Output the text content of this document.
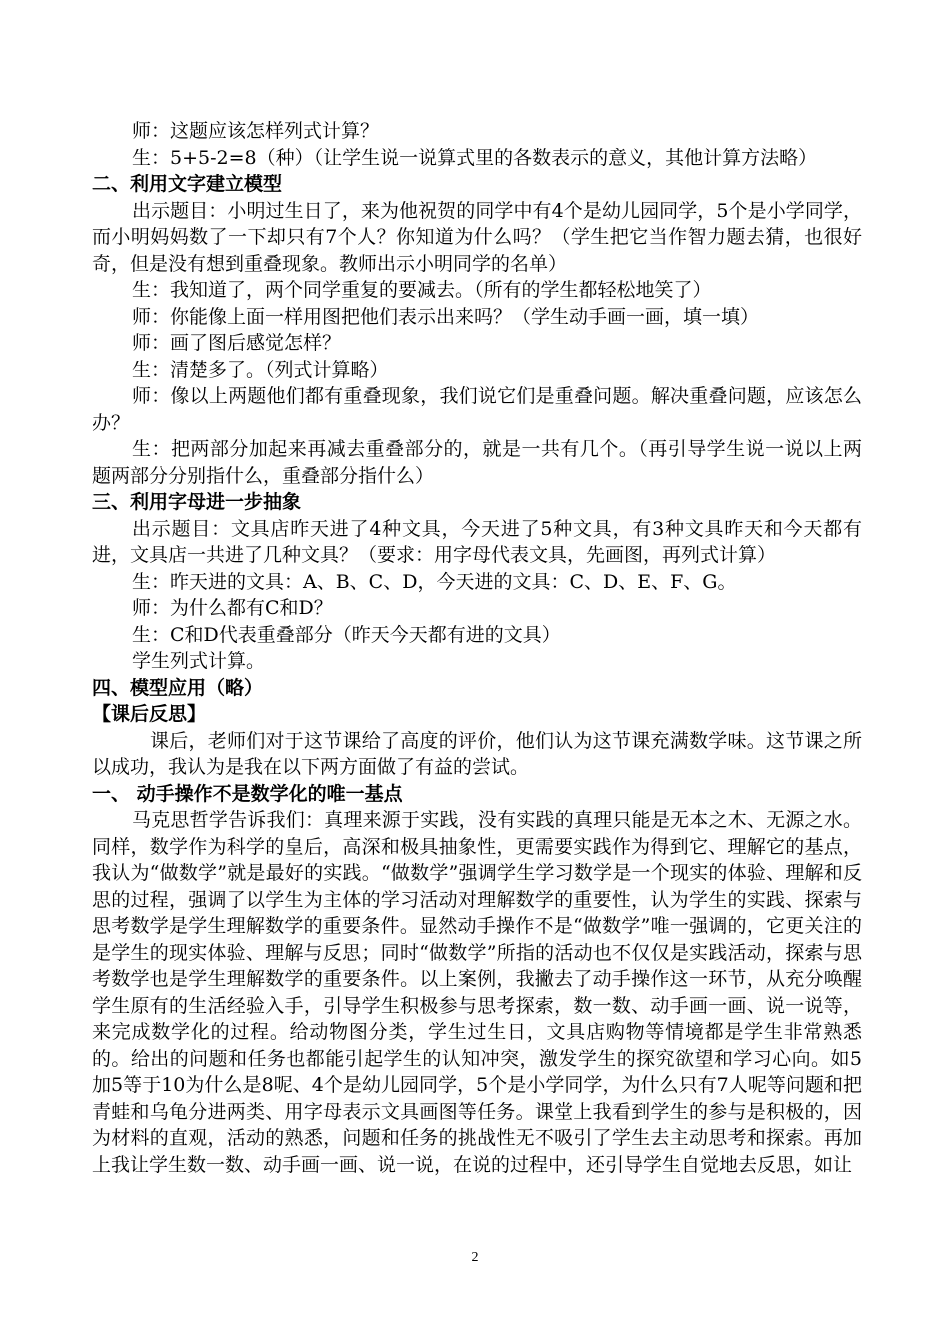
师：这题应该怎样列式计算？

生：5+5-2=8（种）（让学生说一说算式里的各数表示的意义，其他计算方法略）

二、利用文字建立模型

出示题目：小明过生日了，来为他祝贺的同学中有4个是幼儿园同学，5个是小学同学，而小明妈妈数了一下却只有7个人？你知道为什么吗？（学生把它当作智力题去猜，也很好奇，但是没有想到重叠现象。教师出示小明同学的名单）

生：我知道了，两个同学重复的要减去。（所有的学生都轻松地笑了）

师：你能像上面一样用图把他们表示出来吗？（学生动手画一画，填一填）

师：画了图后感觉怎样？

生：清楚多了。（列式计算略）

师：像以上两题他们都有重叠现象，我们说它们是重叠问题。解决重叠问题，应该怎么办？

生：把两部分加起来再减去重叠部分的，就是一共有几个。（再引导学生说一说以上两题两部分分别指什么，重叠部分指什么）

三、利用字母进一步抽象

出示题目：文具店昨天进了4种文具，今天进了5种文具，有3种文具昨天和今天都有进，文具店一共进了几种文具？（要求：用字母代表文具，先画图，再列式计算）

生：昨天进的文具：A、B、C、D，今天进的文具：C、D、E、F、G。

师：为什么都有C和D？

生：C和D代表重叠部分（昨天今天都有进的文具）

学生列式计算。

四、模型应用（略）

【课后反思】

课后，老师们对于这节课给了高度的评价，他们认为这节课充满数学味。这节课之所以成功，我认为是我在以下两方面做了有益的尝试。

一、 动手操作不是数学化的唯一基点

马克思哲学告诉我们：真理来源于实践，没有实践的真理只能是无本之木、无源之水。同样，数学作为科学的皇后，高深和极具抽象性，更需要实践作为得到它、理解它的基点，我认为“做数学”就是最好的实践。“做数学”强调学生学习数学是一个现实的体验、理解和反思的过程，强调了以学生为主体的学习活动对理解数学的重要性，认为学生的实践、探索与思考数学是学生理解数学的重要条件。显然动手操作不是“做数学”唯一强调的，它更关注的是学生的现实体验、理解与反思；同时“做数学”所指的活动也不仅仅是实践活动，探索与思考数学也是学生理解数学的重要条件。以上案例，我撇去了动手操作这一环节，从充分唤醒学生原有的生活经验入手，引导学生积极参与思考探索，数一数、动手画一画、说一说等，来完成数学化的过程。给动物图分类，学生过生日，文具店购物等情境都是学生非常熟悉的。给出的问题和任务也都能引起学生的认知冲突，激发学生的探究欲望和学习心向。如5加5等于10为什么是8呢、4个是幼儿园同学，5个是小学同学，为什么只有7人呢等问题和把青蛙和乌龟分进两类、用字母表示文具画图等任务。课堂上我看到学生的参与是积极的，因为材料的直观，活动的熟悉，问题和任务的挑战性无不吸引了学生去主动思考和探索。再加上我让学生数一数、动手画一画、说一说，在说的过程中，还引导学生自觉地去反思，如让

2
